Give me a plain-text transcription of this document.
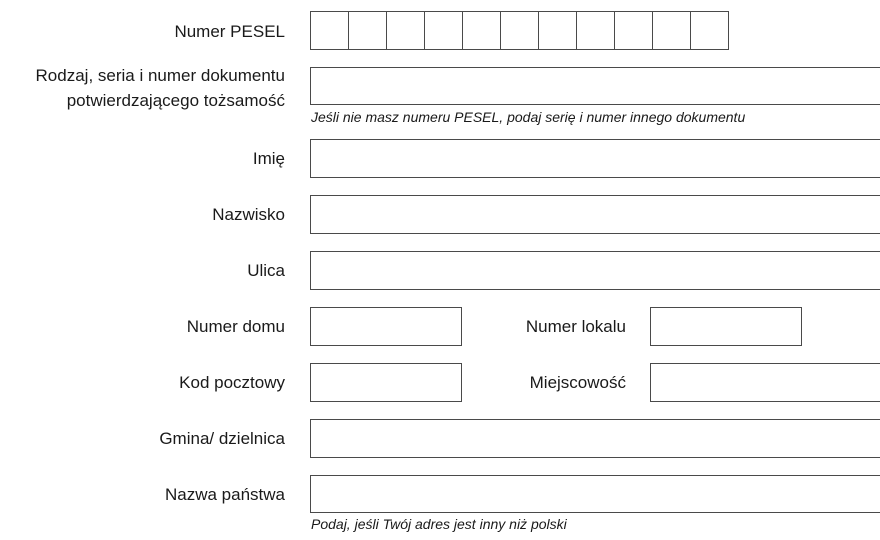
Numer PESEL
Rodzaj, seria i numer dokumentu
potwierdzającego tożsamość
Jeśli nie masz numeru PESEL, podaj serię i numer innego dokumentu
Imię
Nazwisko
Ulica
Numer domu	Numer lokalu
Kod pocztowy	Miejscowość
Gmina/ dzielnica
Nazwa państwa
Podaj, jeśli Twój adres jest inny niż polski
